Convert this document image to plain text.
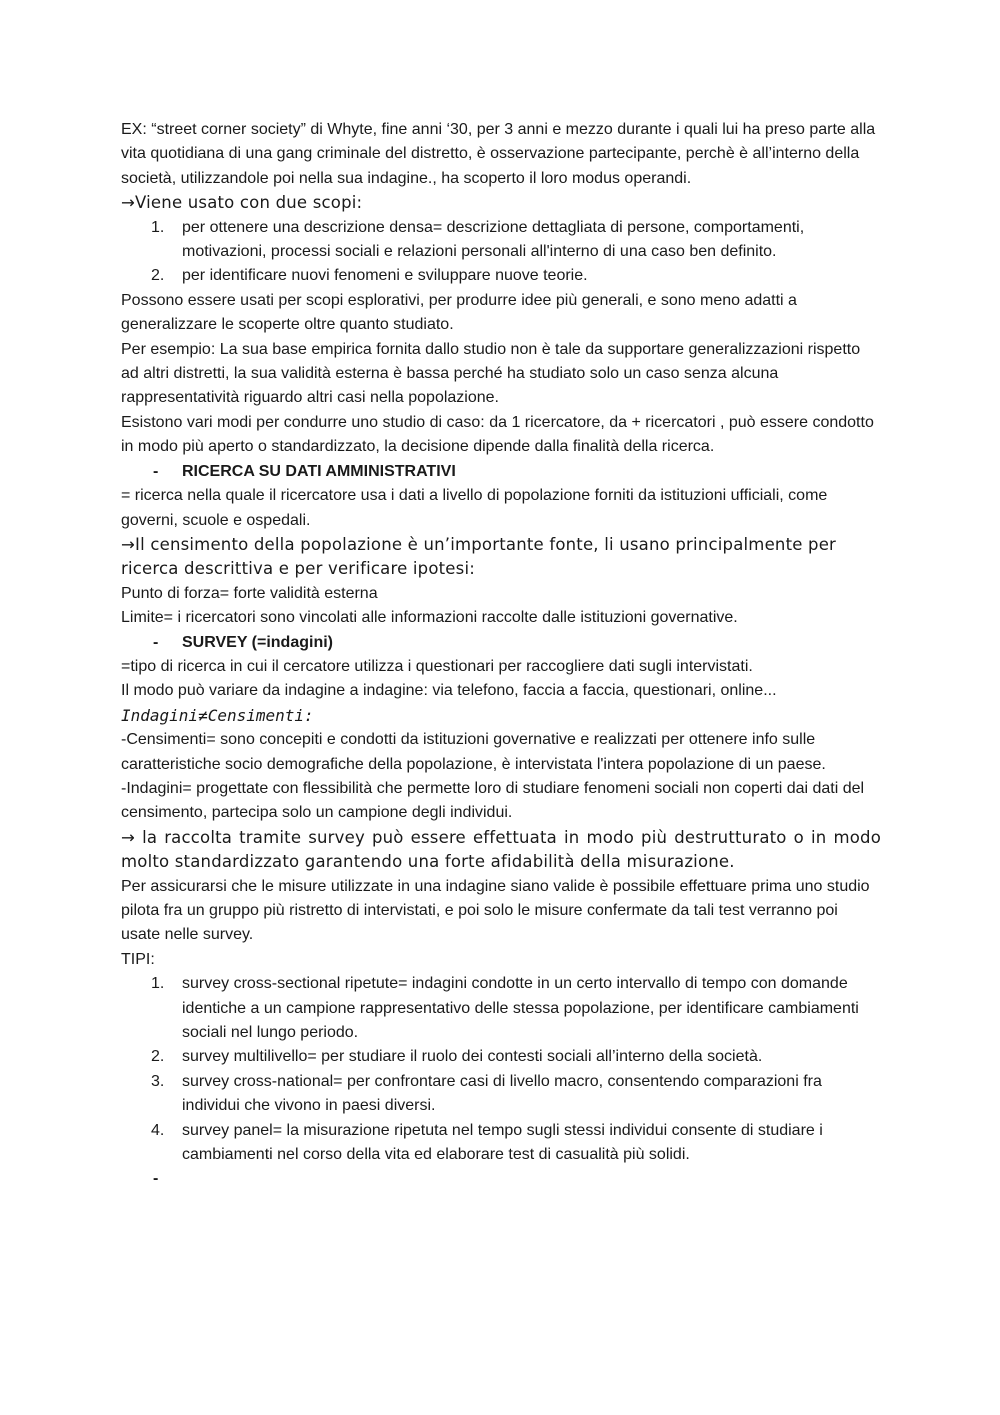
EX: “street corner society” di Whyte, fine anni ‘30, per 3 anni e mezzo durante i quali lui ha preso parte alla vita quotidiana di una gang criminale del distretto, è osservazione partecipante, perchè è all’interno della società, utilizzandole poi nella sua indagine., ha scoperto il loro modus operandi.

→Viene usato con due scopi:

1. per ottenere una descrizione densa= descrizione dettagliata di persone, comportamenti, motivazioni, processi sociali e relazioni personali all'interno di una caso ben definito.
2. per identificare nuovi fenomeni e sviluppare nuove teorie.

Possono essere usati per scopi esplorativi, per produrre idee più generali, e sono meno adatti a generalizzare le scoperte oltre quanto studiato.

Per esempio: La sua base empirica fornita dallo studio non è tale da supportare generalizzazioni rispetto ad altri distretti, la sua validità esterna è bassa perché ha studiato solo un caso senza alcuna rappresentatività riguardo altri casi nella popolazione.

Esistono vari modi per condurre uno studio di caso: da 1 ricercatore, da + ricercatori , può essere condotto in modo più aperto o standardizzato, la decisione dipende dalla finalità della ricerca.

- RICERCA SU DATI AMMINISTRATIVI

= ricerca nella quale il ricercatore usa i dati a livello di popolazione forniti da istituzioni ufficiali, come governi, scuole e ospedali.

→Il censimento della popolazione è un’importante fonte, li usano principalmente per ricerca descrittiva e per verificare ipotesi:

Punto di forza= forte validità esterna

Limite= i ricercatori sono vincolati alle informazioni raccolte dalle istituzioni governative.

- SURVEY (=indagini)

=tipo di ricerca in cui il cercatore utilizza i questionari per raccogliere dati sugli intervistati.

Il modo può variare da indagine a indagine: via telefono, faccia a faccia, questionari, online...

Indagini≠Censimenti:

-Censimenti= sono concepiti e condotti da istituzioni governative e realizzati per ottenere info sulle caratteristiche socio demografiche della popolazione, è intervistata l'intera popolazione di un paese.

-Indagini= progettate con flessibilità che permette loro di studiare fenomeni sociali non coperti dai dati del censimento, partecipa solo un campione degli individui.

→ la raccolta tramite survey può essere effettuata in modo più destrutturato o in modo molto standardizzato garantendo una forte afidabilità della misurazione.

Per assicurarsi che le misure utilizzate in una indagine siano valide è possibile effettuare prima uno studio pilota fra un gruppo più ristretto di intervistati, e poi solo le misure confermate da tali test verranno poi usate nelle survey.

TIPI:

1. survey cross-sectional ripetute= indagini condotte in un certo intervallo di tempo con domande identiche a un campione rappresentativo delle stessa popolazione, per identificare cambiamenti sociali nel lungo periodo.
2. survey multilivello= per studiare il ruolo dei contesti sociali all’interno della società.
3. survey cross-national= per confrontare casi di livello macro, consentendo comparazioni fra individui che vivono in paesi diversi.
4. survey panel= la misurazione ripetuta nel tempo sugli stessi individui consente di studiare i cambiamenti nel corso della vita ed elaborare test di casualità più solidi.
-
